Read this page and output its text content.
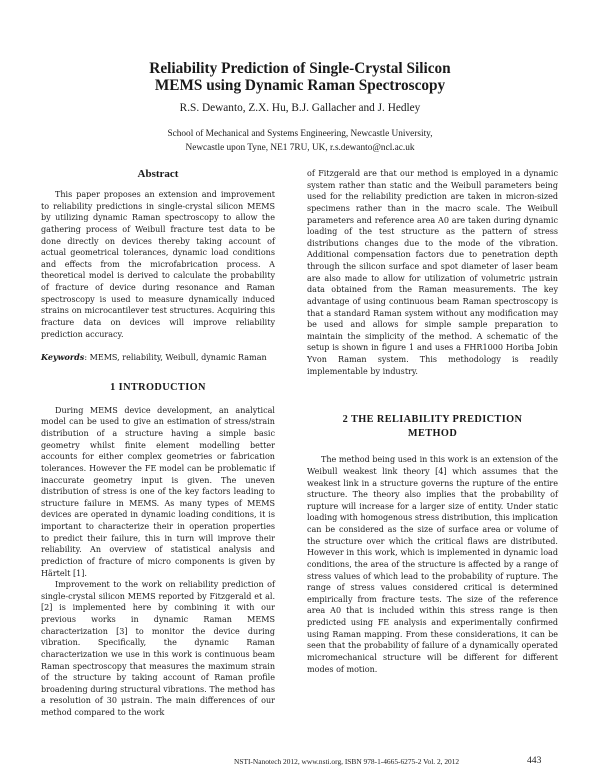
Reliability Prediction of Single-Crystal Silicon
MEMS using Dynamic Raman Spectroscopy

R.S. Dewanto, Z.X. Hu, B.J. Gallacher and J. Hedley

School of Mechanical and Systems Engineering, Newcastle University,
Newcastle upon Tyne, NE1 7RU, UK, r.s.dewanto@ncl.ac.uk

Abstract

This paper proposes an extension and improvement to reliability predictions in single-crystal silicon MEMS by utilizing dynamic Raman spectroscopy to allow the gathering process of Weibull fracture test data to be done directly on devices thereby taking account of actual geometrical tolerances, dynamic load conditions and effects from the microfabrication process. A theoretical model is derived to calculate the probability of fracture of device during resonance and Raman spectroscopy is used to measure dynamically induced strains on microcantilever test structures. Acquiring this fracture data on devices will improve reliability prediction accuracy.

Keywords: MEMS, reliability, Weibull, dynamic Raman

1 INTRODUCTION

During MEMS device development, an analytical model can be used to give an estimation of stress/strain distribution of a structure having a simple basic geometry whilst finite element modelling better accounts for either complex geometries or fabrication tolerances. However the FE model can be problematic if inaccurate geometry input is given. The uneven distribution of stress is one of the key factors leading to structure failure in MEMS. As many types of MEMS devices are operated in dynamic loading conditions, it is important to characterize their in operation properties to predict their failure, this in turn will improve their reliability. An overview of statistical analysis and prediction of fracture of micro components is given by Härtelt [1].

Improvement to the work on reliability prediction of single-crystal silicon MEMS reported by Fitzgerald et al. [2] is implemented here by combining it with our previous works in dynamic Raman MEMS characterization [3] to monitor the device during vibration. Specifically, the dynamic Raman characterization we use in this work is continuous beam Raman spectroscopy that measures the maximum strain of the structure by taking account of Raman profile broadening during structural vibrations. The method has a resolution of 30 μstrain. The main differences of our method compared to the work

of Fitzgerald are that our method is employed in a dynamic system rather than static and the Weibull parameters being used for the reliability prediction are taken in micron-sized specimens rather than in the macro scale. The Weibull parameters and reference area A0 are taken during dynamic loading of the test structure as the pattern of stress distributions changes due to the mode of the vibration. Additional compensation factors due to penetration depth through the silicon surface and spot diameter of laser beam are also made to allow for utilization of volumetric μstrain data obtained from the Raman measurements. The key advantage of using continuous beam Raman spectroscopy is that a standard Raman system without any modification may be used and allows for simple sample preparation to maintain the simplicity of the method. A schematic of the setup is shown in figure 1 and uses a FHR1000 Horiba Jobin Yvon Raman system. This methodology is readily implementable by industry.

2 THE RELIABILITY PREDICTION
METHOD

The method being used in this work is an extension of the Weibull weakest link theory [4] which assumes that the weakest link in a structure governs the rupture of the entire structure. The theory also implies that the probability of rupture will increase for a larger size of entity. Under static loading with homogenous stress distribution, this implication can be considered as the size of surface area or volume of the structure over which the critical flaws are distributed. However in this work, which is implemented in dynamic load conditions, the area of the structure is affected by a range of stress values of which lead to the probability of rupture. The range of stress values considered critical is determined empirically from fracture tests. The size of the reference area A0 that is included within this stress range is then predicted using FE analysis and experimentally confirmed using Raman mapping. From these considerations, it can be seen that the probability of failure of a dynamically operated micromechanical structure will be different for different modes of motion.

NSTI-Nanotech 2012, www.nsti.org, ISBN 978-1-4665-6275-2 Vol. 2, 2012	443
